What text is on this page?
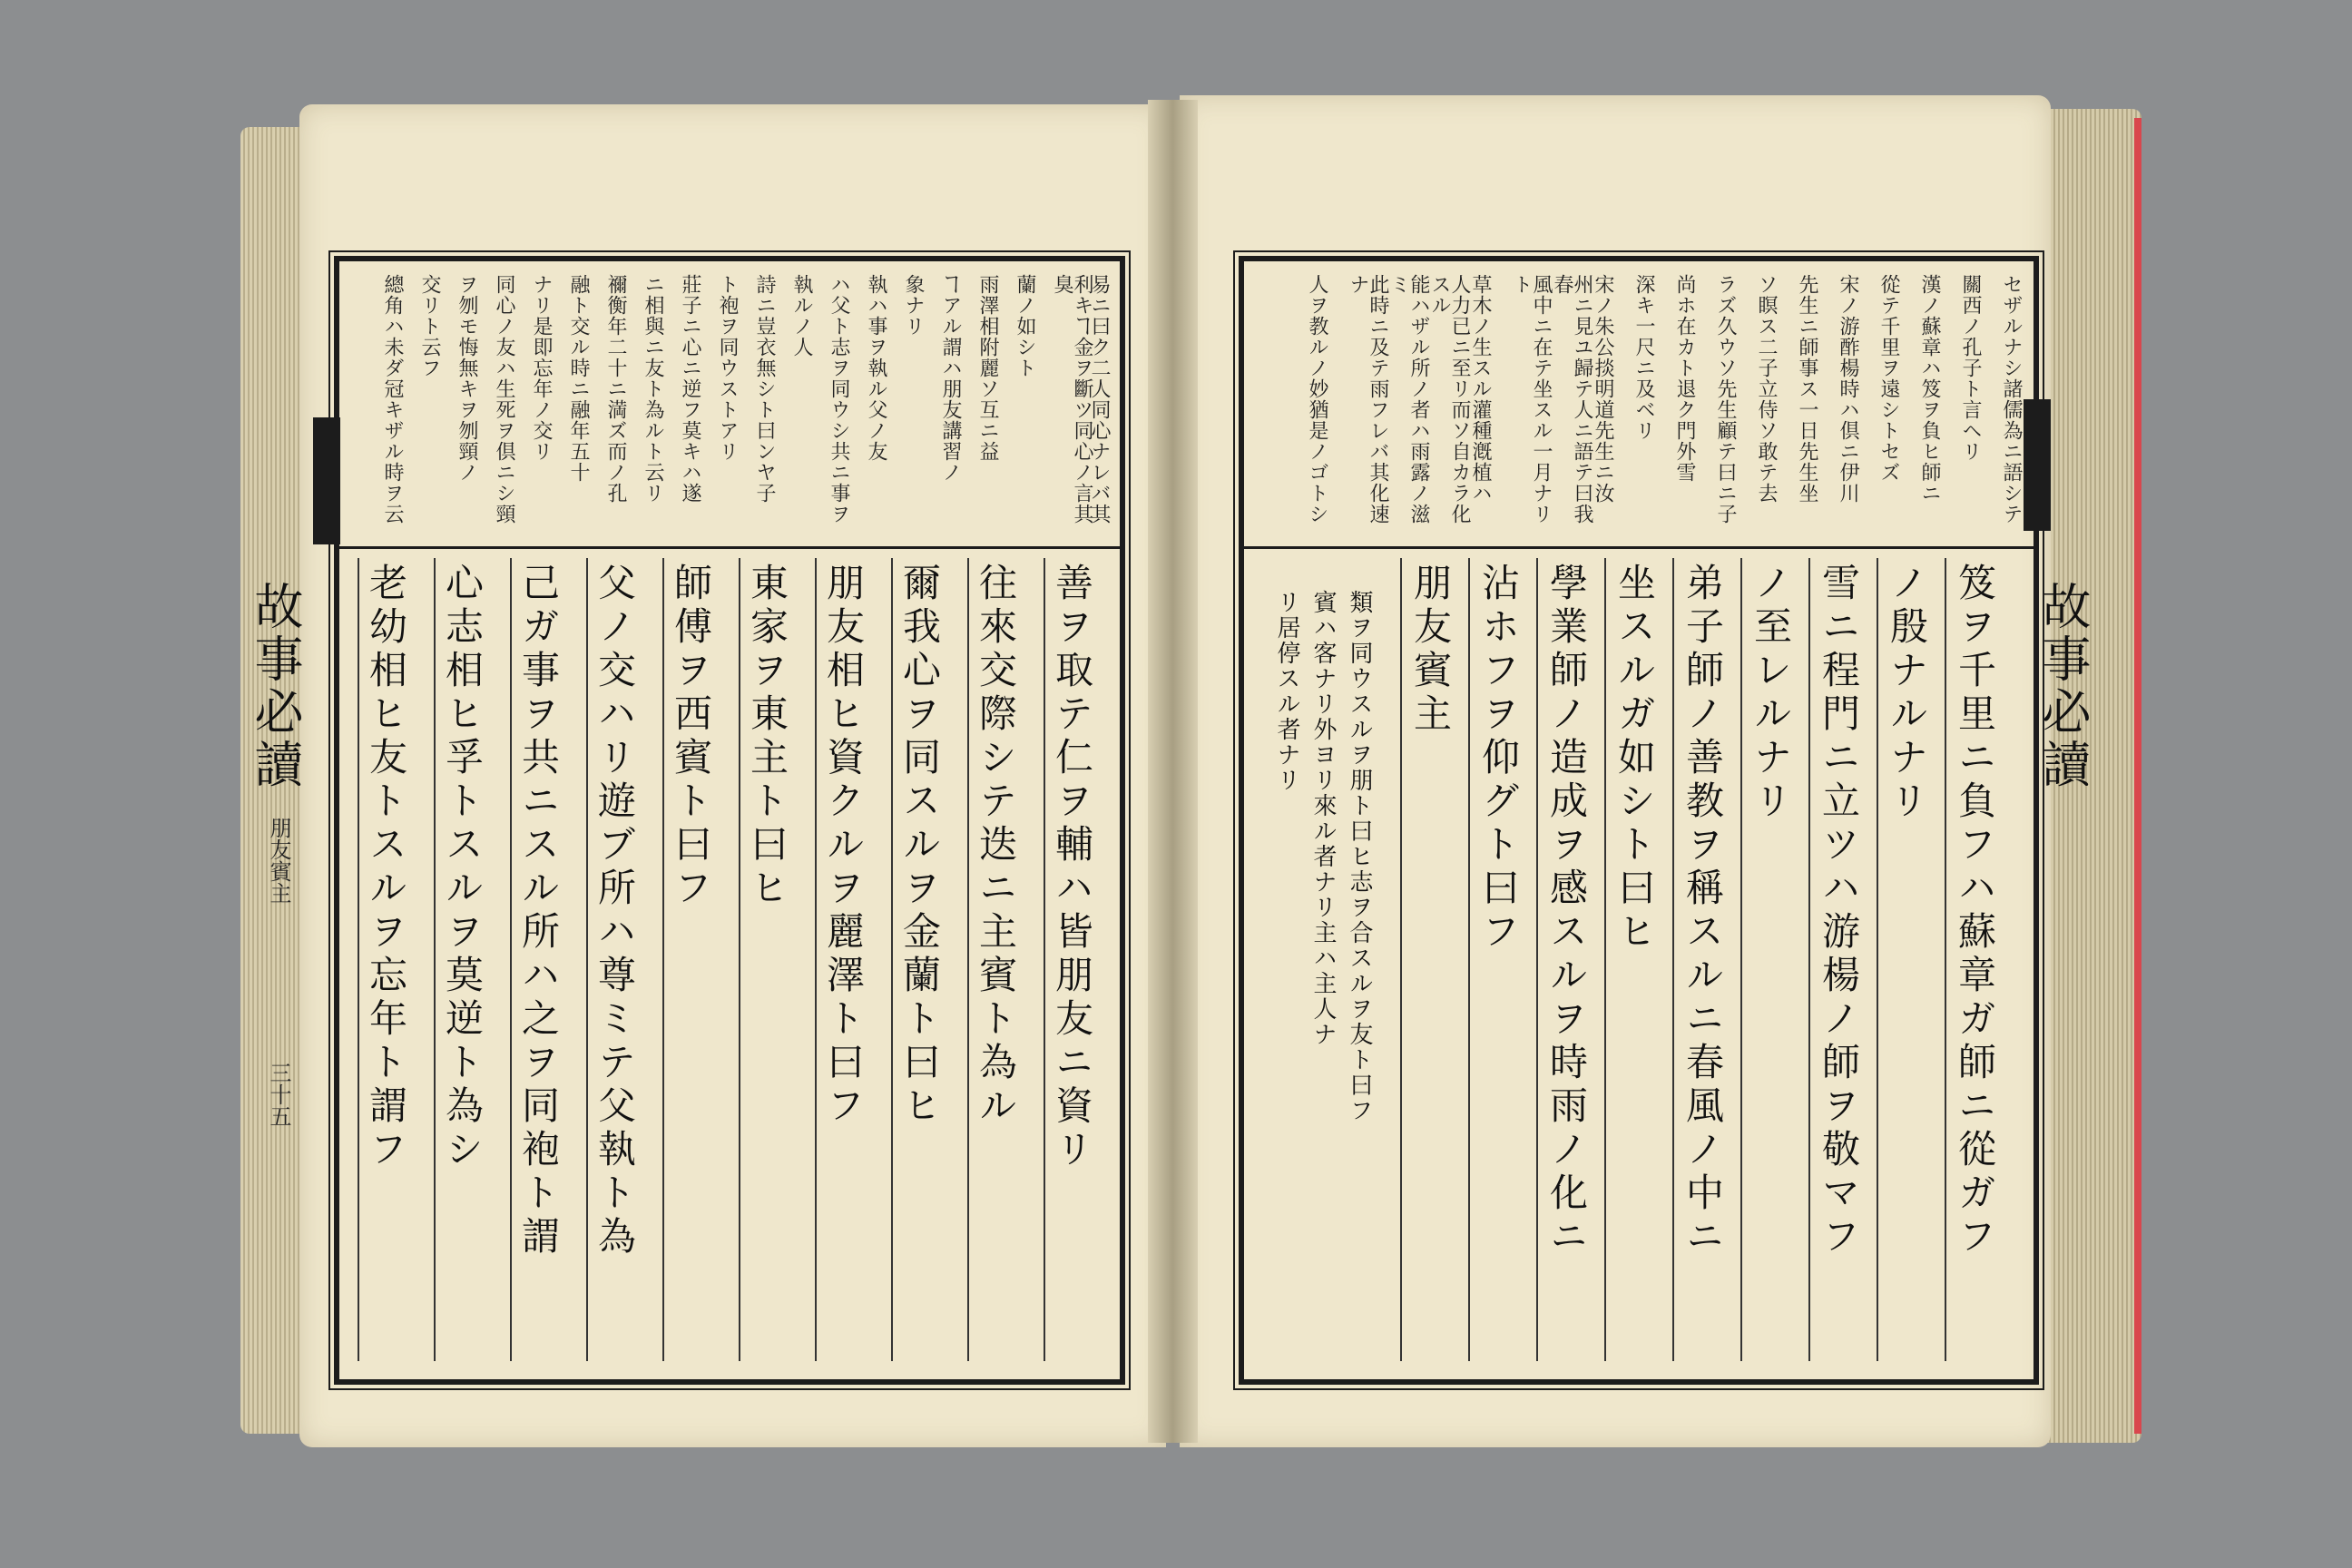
故事必讀
朋友賓主
三十五
故事必讀
易ニ曰ク二人同心ナレバ其
利キヿ金ヲ斷ツ同心ノ言其臭
蘭ノ如シト
雨澤相附麗ソ互ニ益
ヿアル謂ハ朋友講習ノ
象ナリ
執ハ事ヲ執ル父ノ友
ハ父ト志ヲ同ウシ共ニ事ヲ
執ルノ人
詩ニ豈衣無シト曰ンヤ子
ト袍ヲ同ウストアリ
莊子ニ心ニ逆フ莫キハ遂
ニ相與ニ友ト為ルト云リ
禰衡年二十ニ満ズ而ノ孔
融ト交ル時ニ融年五十
ナリ是即忘年ノ交リ
同心ノ友ハ生死ヲ倶ニシ頸
ヲ刎モ悔無キヲ刎頸ノ
交リト云フ
總角ハ未ダ冠キザル時ヲ云
善ヲ取テ仁ヲ輔ハ皆朋友ニ資リ
往來交際シテ迭ニ主賓ト為ル
爾我心ヲ同スルヲ金蘭ト曰ヒ
朋友相ヒ資クルヲ麗澤ト曰フ
東家ヲ東主ト曰ヒ
師傅ヲ西賓ト曰フ
父ノ交ハリ遊ブ所ハ尊ミテ父執ト為
己ガ事ヲ共ニスル所ハ之ヲ同袍ト謂
心志相ヒ孚トスルヲ莫逆ト為シ
老幼相ヒ友トスルヲ忘年ト謂フ
セザルナシ諸儒為ニ語シテ
關西ノ孔子ト言ヘリ
漢ノ蘇章ハ笈ヲ負ヒ師ニ
從テ千里ヲ遠シトセズ
宋ノ游酢楊時ハ倶ニ伊川
先生ニ師事ス一日先生坐
ソ瞑ス二子立侍ソ敢テ去
ラズ久ウソ先生顧テ曰ニ子
尚ホ在カト退ク門外雪
深キ一尺ニ及ベリ
宋ノ朱公掞明道先生ニ汝
州ニ見ユ歸テ人ニ語テ曰我春
風中ニ在テ坐スル一月ナリト
草木ノ生スル灌種漑植ハ
人力已ニ至リ而ソ自カラ化スル
能ハザル所ノ者ハ雨露ノ滋ミ
此時ニ及テ雨フレバ其化速ナ
人ヲ教ルノ妙猶是ノゴトシ
笈ヲ千里ニ負フハ蘇章ガ師ニ從ガフ
ノ殷ナルナリ
雪ニ程門ニ立ツハ游楊ノ師ヲ敬マフ
ノ至レルナリ
弟子師ノ善教ヲ稱スルニ春風ノ中ニ
坐スルガ如シト曰ヒ
學業師ノ造成ヲ感スルヲ時雨ノ化ニ
沾ホフヲ仰グト曰フ
朋友賓主
類ヲ同ウスルヲ朋ト曰ヒ志ヲ合スルヲ友ト曰フ
賓ハ客ナリ外ヨリ來ル者ナリ主ハ主人ナ
リ居停スル者ナリ
